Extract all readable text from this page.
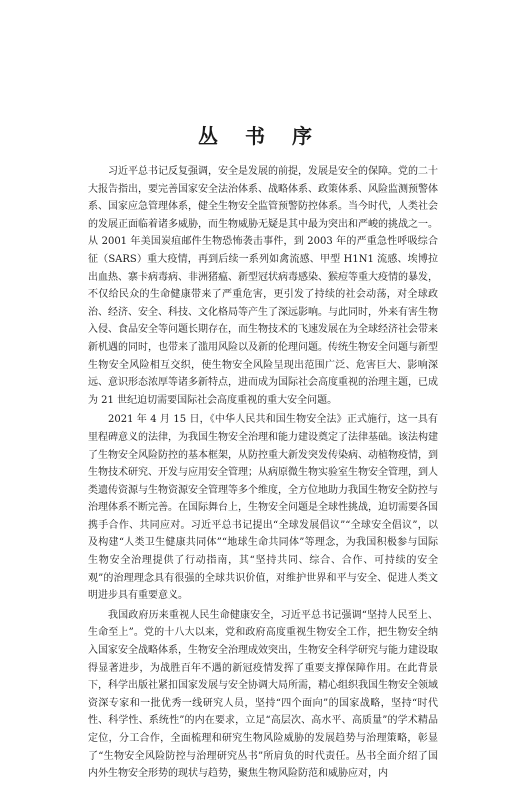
丛 书 序

习近平总书记反复强调，安全是发展的前提，发展是安全的保障。党的二十大报告指出，要完善国家安全法治体系、战略体系、政策体系、风险监测预警体系、国家应急管理体系，健全生物安全监管预警防控体系。当今时代，人类社会的发展正面临着诸多威胁，而生物威胁无疑是其中最为突出和严峻的挑战之一。从 2001 年美国炭疽邮件生物恐怖袭击事件，到 2003 年的严重急性呼吸综合征（SARS）重大疫情，再到后续一系列如禽流感、甲型 H1N1 流感、埃博拉出血热、寨卡病毒病、非洲猪瘟、新型冠状病毒感染、猴痘等重大疫情的暴发，不仅给民众的生命健康带来了严重危害，更引发了持续的社会动荡，对全球政治、经济、安全、科技、文化格局等产生了深远影响。与此同时，外来有害生物入侵、食品安全等问题长期存在，而生物技术的飞速发展在为全球经济社会带来新机遇的同时，也带来了滥用风险以及新的伦理问题。传统生物安全问题与新型生物安全风险相互交织，使生物安全风险呈现出范围广泛、危害巨大、影响深远、意识形态浓厚等诸多新特点，进而成为国际社会高度重视的治理主题，已成为 21 世纪迫切需要国际社会高度重视的重大安全问题。

2021 年 4 月 15 日，《中华人民共和国生物安全法》正式施行，这一具有里程碑意义的法律，为我国生物安全治理和能力建设奠定了法律基础。该法构建了生物安全风险防控的基本框架，从防控重大新发突发传染病、动植物疫情，到生物技术研究、开发与应用安全管理；从病原微生物实验室生物安全管理，到人类遗传资源与生物资源安全管理等多个维度，全方位地助力我国生物安全防控与治理体系不断完善。在国际舞台上，生物安全问题是全球性挑战，迫切需要各国携手合作、共同应对。习近平总书记提出“全球发展倡议”“全球安全倡议”，以及构建“人类卫生健康共同体”“地球生命共同体”等理念，为我国积极参与国际生物安全治理提供了行动指南，其“坚持共同、综合、合作、可持续的安全观”的治理理念具有很强的全球共识价值，对维护世界和平与安全、促进人类文明进步具有重要意义。

我国政府历来重视人民生命健康安全，习近平总书记强调“坚持人民至上、生命至上”。党的十八大以来，党和政府高度重视生物安全工作，把生物安全纳入国家安全战略体系，生物安全治理成效突出，生物安全科学研究与能力建设取得显著进步，为战胜百年不遇的新冠疫情发挥了重要支撑保障作用。在此背景下，科学出版社紧扣国家发展与安全协调大局所需，精心组织我国生物安全领域资深专家和一批优秀一线研究人员，坚持“四个面向”的国家战略，坚持“时代性、科学性、系统性”的内在要求，立足“高层次、高水平、高质量”的学术精品定位，分工合作，全面梳理和研究生物风险威胁的发展趋势与治理策略，彰显了“生物安全风险防控与治理研究丛书”所肩负的时代责任。丛书全面介绍了国内外生物安全形势的现状与趋势，聚焦生物风险防范和威胁应对，内
